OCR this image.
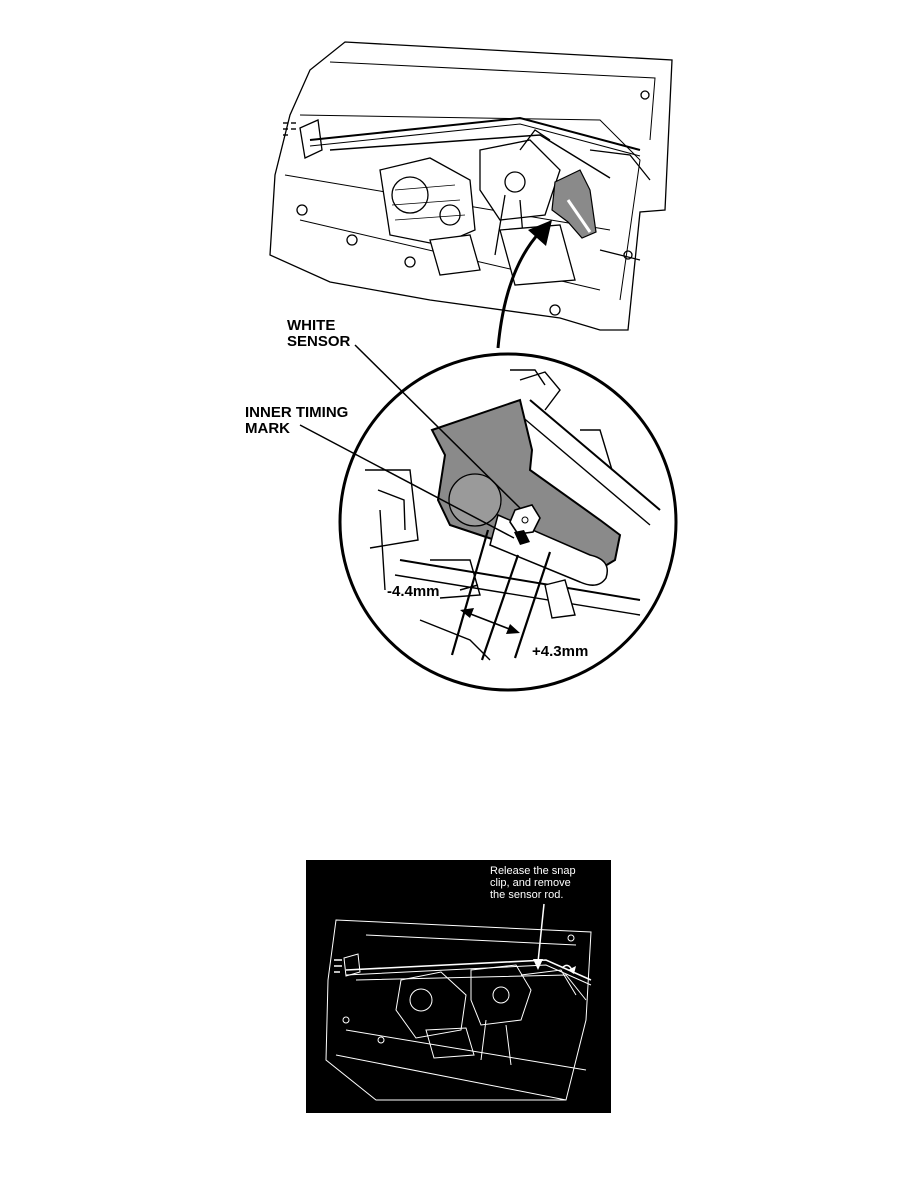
WHITE
SENSOR
INNER TIMING
MARK
-4.4mm
+4.3mm
Release the snap
clip, and remove
the sensor rod.
